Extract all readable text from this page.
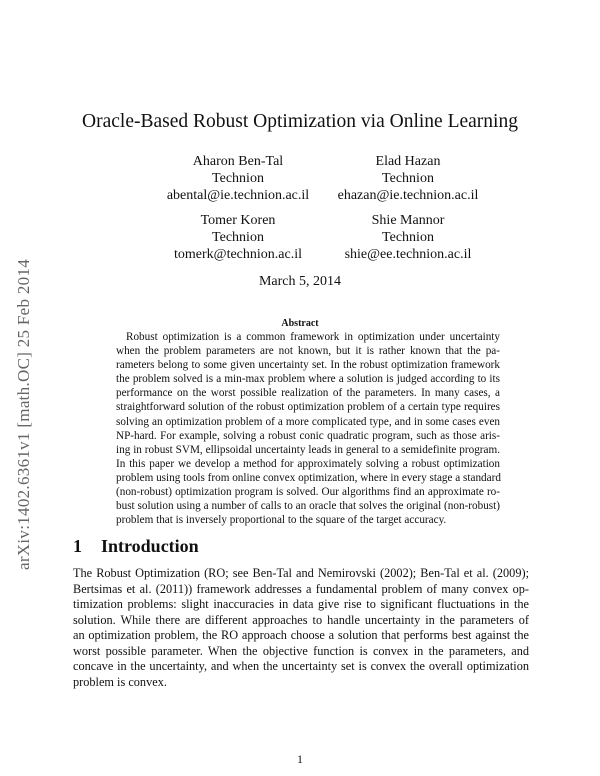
arXiv:1402.6361v1 [math.OC] 25 Feb 2014
Oracle-Based Robust Optimization via Online Learning
Aharon Ben-Tal
Technion
abental@ie.technion.ac.il
Elad Hazan
Technion
ehazan@ie.technion.ac.il
Tomer Koren
Technion
tomerk@technion.ac.il
Shie Mannor
Technion
shie@ee.technion.ac.il
March 5, 2014
Abstract
Robust optimization is a common framework in optimization under uncertainty
when the problem parameters are not known, but it is rather known that the pa-
rameters belong to some given uncertainty set. In the robust optimization framework
the problem solved is a min-max problem where a solution is judged according to its
performance on the worst possible realization of the parameters. In many cases, a
straightforward solution of the robust optimization problem of a certain type requires
solving an optimization problem of a more complicated type, and in some cases even
NP-hard. For example, solving a robust conic quadratic program, such as those aris-
ing in robust SVM, ellipsoidal uncertainty leads in general to a semidefinite program.
In this paper we develop a method for approximately solving a robust optimization
problem using tools from online convex optimization, where in every stage a standard
(non-robust) optimization program is solved. Our algorithms find an approximate ro-
bust solution using a number of calls to an oracle that solves the original (non-robust)
problem that is inversely proportional to the square of the target accuracy.
1 Introduction
The Robust Optimization (RO; see Ben-Tal and Nemirovski (2002); Ben-Tal et al. (2009);
Bertsimas et al. (2011)) framework addresses a fundamental problem of many convex op-
timization problems: slight inaccuracies in data give rise to significant fluctuations in the
solution. While there are different approaches to handle uncertainty in the parameters of
an optimization problem, the RO approach choose a solution that performs best against the
worst possible parameter. When the objective function is convex in the parameters, and
concave in the uncertainty, and when the uncertainty set is convex the overall optimization
problem is convex.
1
